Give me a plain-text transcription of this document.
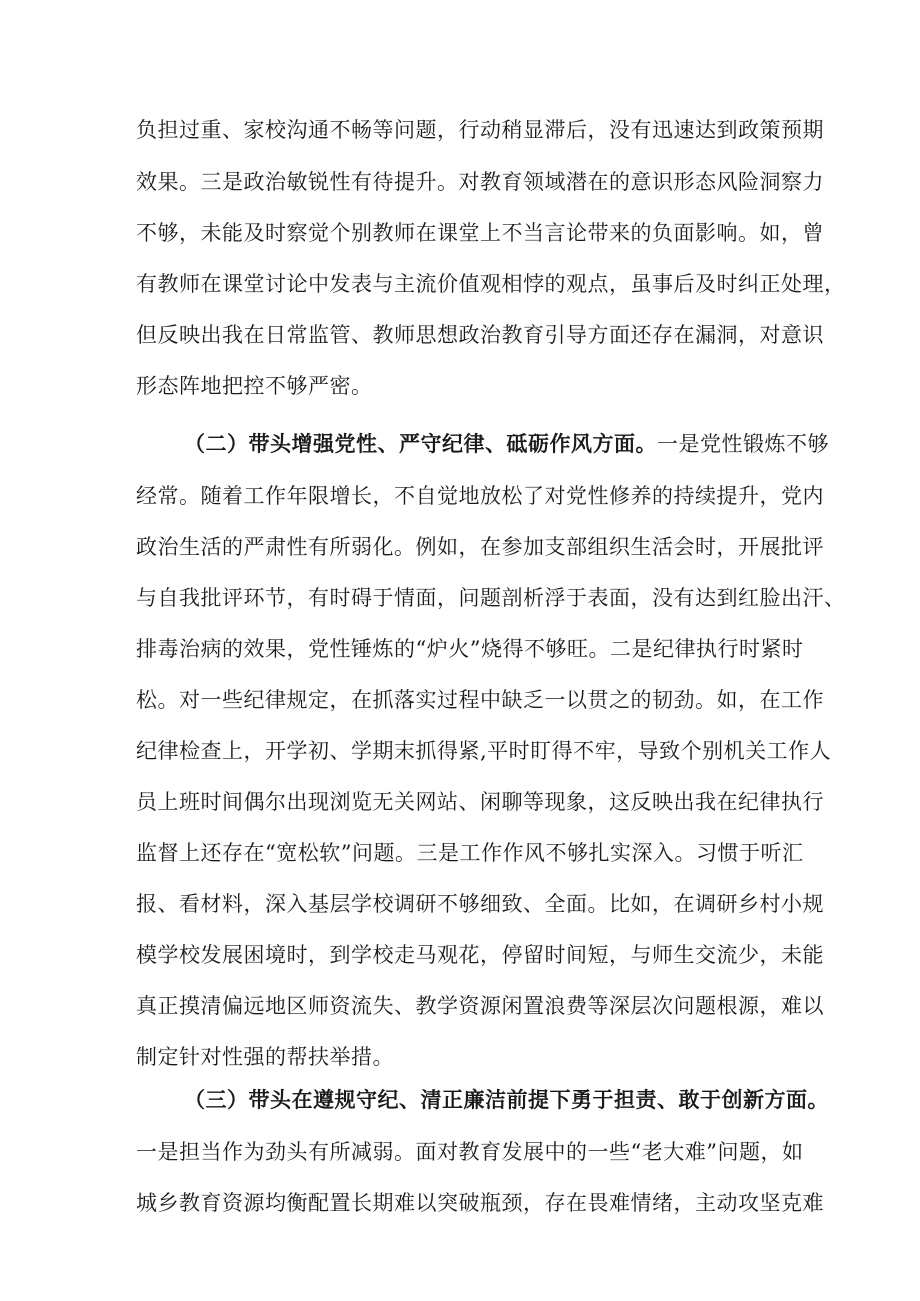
负担过重、家校沟通不畅等问题，行动稍显滞后，没有迅速达到政策预期
效果。三是政治敏锐性有待提升。对教育领域潜在的意识形态风险洞察力
不够，未能及时察觉个别教师在课堂上不当言论带来的负面影响。如，曾
有教师在课堂讨论中发表与主流价值观相悖的观点，虽事后及时纠正处理，
但反映出我在日常监管、教师思想政治教育引导方面还存在漏洞，对意识
形态阵地把控不够严密。
（二）带头增强党性、严守纪律、砥砺作风方面。一是党性锻炼不够
经常。随着工作年限增长，不自觉地放松了对党性修养的持续提升，党内
政治生活的严肃性有所弱化。例如，在参加支部组织生活会时，开展批评
与自我批评环节，有时碍于情面，问题剖析浮于表面，没有达到红脸出汗、
排毒治病的效果，党性锤炼的“炉火”烧得不够旺。二是纪律执行时紧时
松。对一些纪律规定，在抓落实过程中缺乏一以贯之的韧劲。如，在工作
纪律检查上，开学初、学期末抓得紧,平时盯得不牢，导致个别机关工作人
员上班时间偶尔出现浏览无关网站、闲聊等现象，这反映出我在纪律执行
监督上还存在“宽松软”问题。三是工作作风不够扎实深入。习惯于听汇
报、看材料，深入基层学校调研不够细致、全面。比如，在调研乡村小规
模学校发展困境时，到学校走马观花，停留时间短，与师生交流少，未能
真正摸清偏远地区师资流失、教学资源闲置浪费等深层次问题根源，难以
制定针对性强的帮扶举措。
（三）带头在遵规守纪、清正廉洁前提下勇于担责、敢于创新方面。
一是担当作为劲头有所减弱。面对教育发展中的一些“老大难”问题，如
城乡教育资源均衡配置长期难以突破瓶颈，存在畏难情绪，主动攻坚克难
